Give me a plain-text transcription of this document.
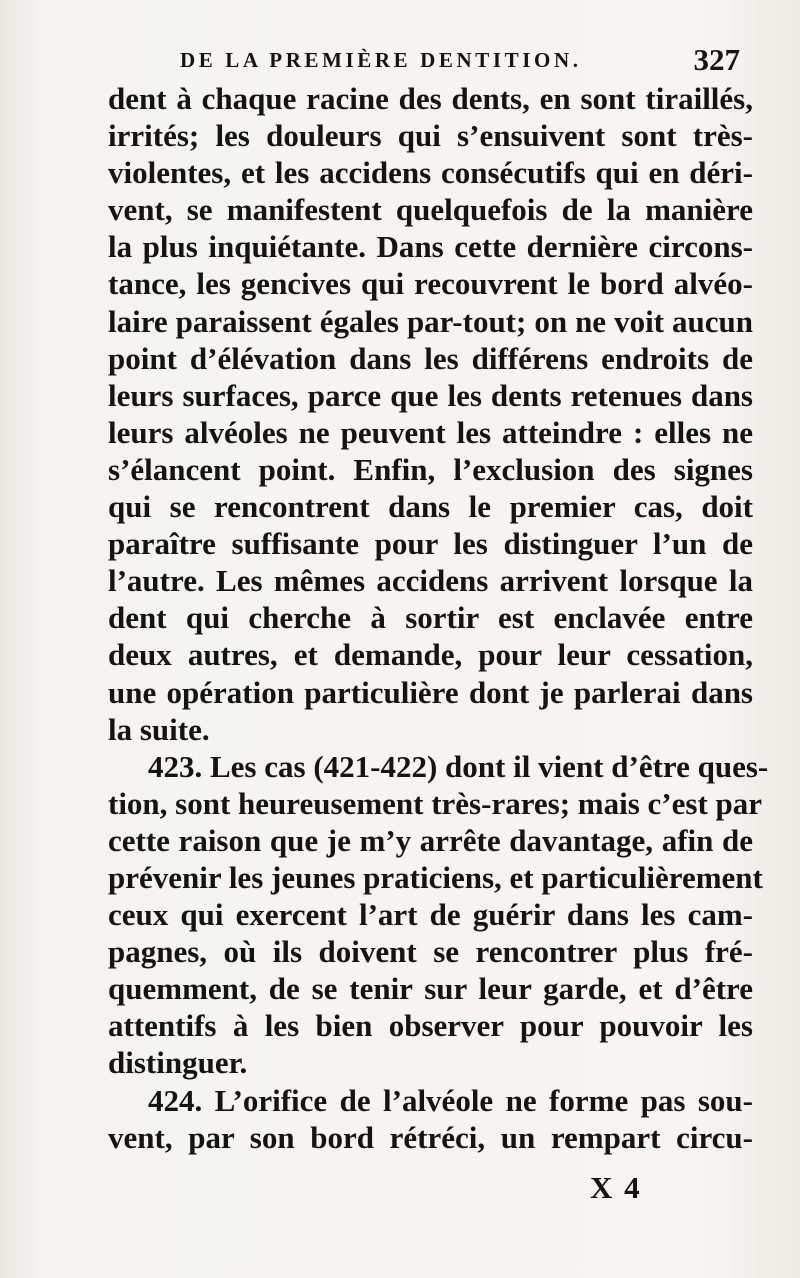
DE LA PREMIÈRE DENTITION.	327
dent à chaque racine des dents, en sont tiraillés,
irrités; les douleurs qui s’ensuivent sont très-
violentes, et les accidens consécutifs qui en déri-
vent, se manifestent quelquefois de la manière
la plus inquiétante. Dans cette dernière circons-
tance, les gencives qui recouvrent le bord alvéo-
laire paraissent égales par-tout; on ne voit aucun
point d’élévation dans les différens endroits de
leurs surfaces, parce que les dents retenues dans
leurs alvéoles ne peuvent les atteindre : elles ne
s’élancent point. Enfin, l’exclusion des signes
qui se rencontrent dans le premier cas, doit
paraître suffisante pour les distinguer l’un de
l’autre. Les mêmes accidens arrivent lorsque la
dent qui cherche à sortir est enclavée entre
deux autres, et demande, pour leur cessation,
une opération particulière dont je parlerai dans
la suite.
423. Les cas (421-422) dont il vient d’être ques-
tion, sont heureusement très-rares; mais c’est par
cette raison que je m’y arrête davantage, afin de
prévenir les jeunes praticiens, et particulièrement
ceux qui exercent l’art de guérir dans les cam-
pagnes, où ils doivent se rencontrer plus fré-
quemment, de se tenir sur leur garde, et d’être
attentifs à les bien observer pour pouvoir les
distinguer.
424. L’orifice de l’alvéole ne forme pas sou-
vent, par son bord rétréci, un rempart circu-
X 4
